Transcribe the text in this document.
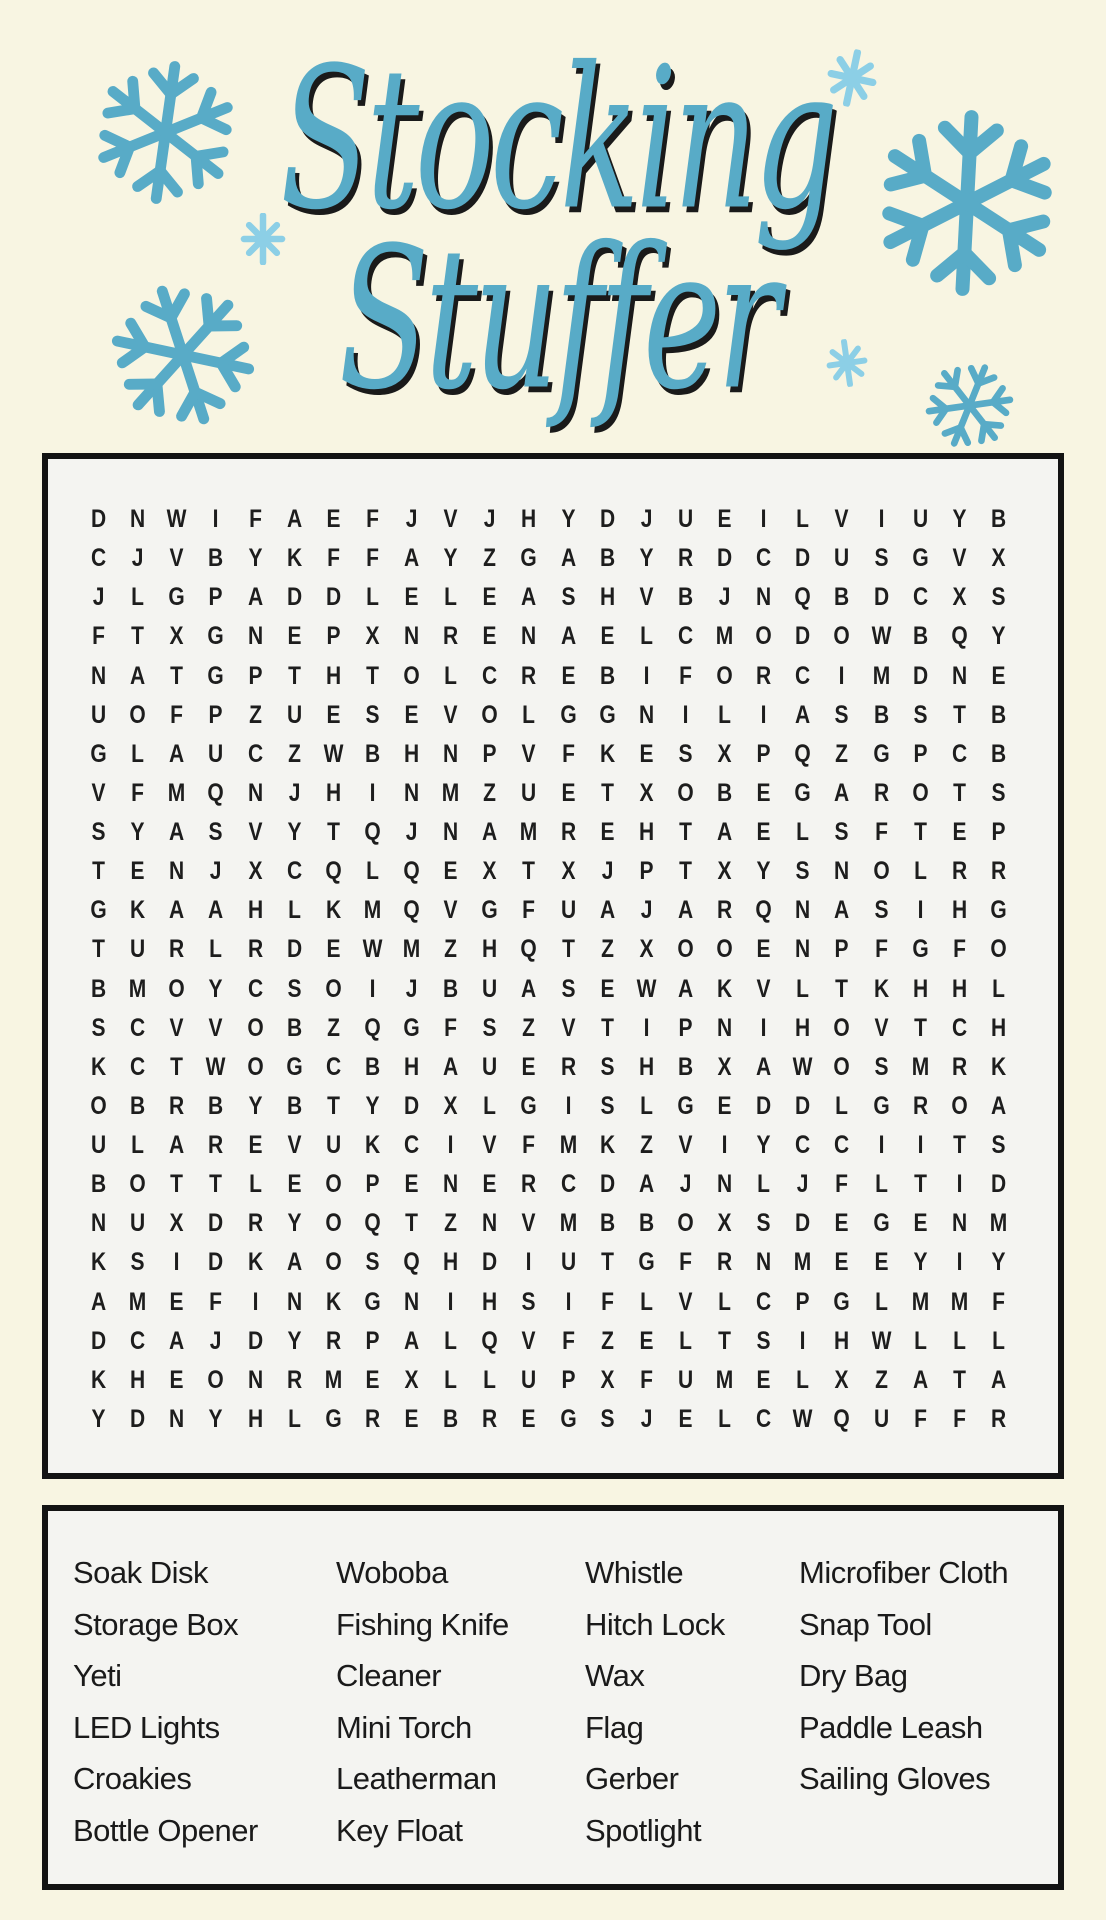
Stocking
Stuffer
D N W	I	F	A E	F	J	V	J	H Y D	J	U E	I	L	V	I	U Y B
C	J	V B Y K	F	F	A Y	Z G A B Y R D C D U S G V	X
J	L G P A D D	L	E	L	E A S H V B	J	N Q B D C X	S
F	T	X G N E	P	X N R E N A E	L	C M O D O W B Q Y
N A	T G P	T	H	T O L	C R E B	I	F O R C	I	M D N E
U O F	P	Z	U E	S	E	V O L G G N	I	L	I	A S B S	T	B
G L	A U C	Z W B H N P	V	F	K E	S	X	P Q Z G P C B
V	F M Q N	J	H	I	N M Z	U E	T	X O B E G A R O T	S
S	Y A S	V	Y	T Q	J	N A M R E H	T	A E	L	S	F	T	E	P
T	E N	J	X C Q L Q E	X	T	X	J	P	T	X	Y	S N O L	R R
G K A A H	L	K M Q V G F	U A	J	A R Q N A S	I	H G
T	U R	L	R D E W M Z	H Q T	Z	X O O E N P	F G F O
B M O Y C S O	I	J	B U A S	E W A K V	L	T	K H H	L
S C V	V O B	Z Q G F	S	Z	V	T	I	P N	I	H O V	T	C H
K C	T W O G C B H A U E R S H B X A W O S M R K
O B R B Y B	T	Y D X	L G	I	S	L G E D D	L G R O A
U	L	A R E	V U K C	I	V	F M K	Z	V	I	Y C C	I	I	T	S
B O T	T	L	E O P	E N E R C D A	J	N	L	J	F	L	T	I	D
N U X D R Y O Q T	Z	N V M B B O X	S D E G E N M
K S	I	D K A O S Q H D	I	U	T G F	R N M E	E	Y	I	Y
A M E	F	I	N K G N	I	H S	I	F	L	V	L	C P G L M M F
D C A	J	D Y R P A	L Q V	F	Z	E	L	T	S	I	H W L	L	L
K H E O N R M E	X	L	L	U P	X	F	U M E	L	X	Z	A	T	A
Y D N Y H	L G R E B R E G S	J	E	L	C W Q U	F	F	R
Soak Disk
Storage Box
Yeti
LED Lights
Croakies
Bottle Opener
Woboba
Fishing Knife
Cleaner
Mini Torch
Leatherman
Key Float
Whistle
Hitch Lock
Wax
Flag
Gerber
Spotlight
Microfiber Cloth
Snap Tool
Dry Bag
Paddle Leash
Sailing Gloves
